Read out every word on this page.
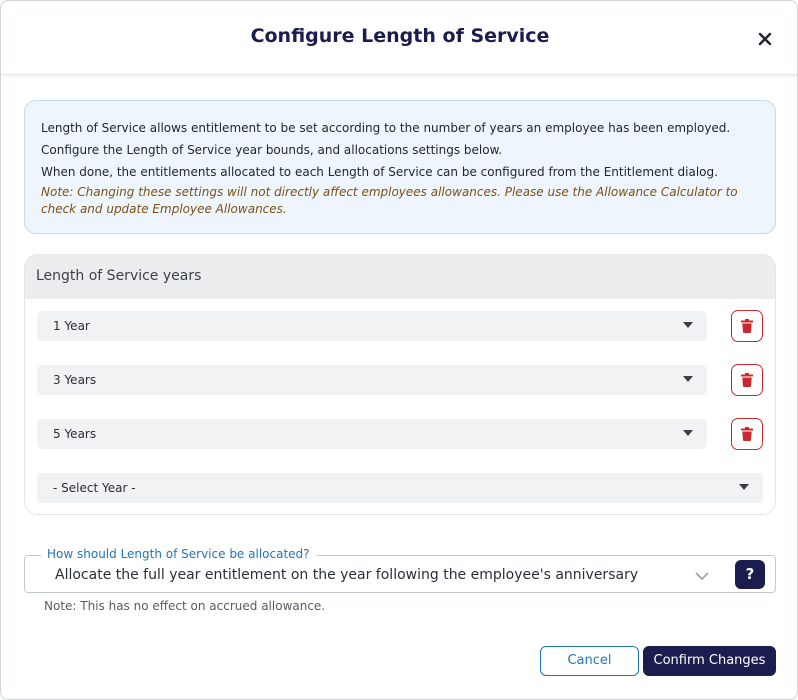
Configure Length of Service

Length of Service allows entitlement to be set according to the number of years an employee has been employed.

Configure the Length of Service year bounds, and allocations settings below.

When done, the entitlements allocated to each Length of Service can be configured from the Entitlement dialog.

Note: Changing these settings will not directly affect employees allowances. Please use the Allowance Calculator to check and update Employee Allowances.

Length of Service years
1 Year
3 Years
5 Years
- Select Year -
Allocate the full year entitlement on the year following the employee's anniversary	?
How should Length of Service be allocated?
Note: This has no effect on accrued allowance.
Cancel	Confirm Changes
